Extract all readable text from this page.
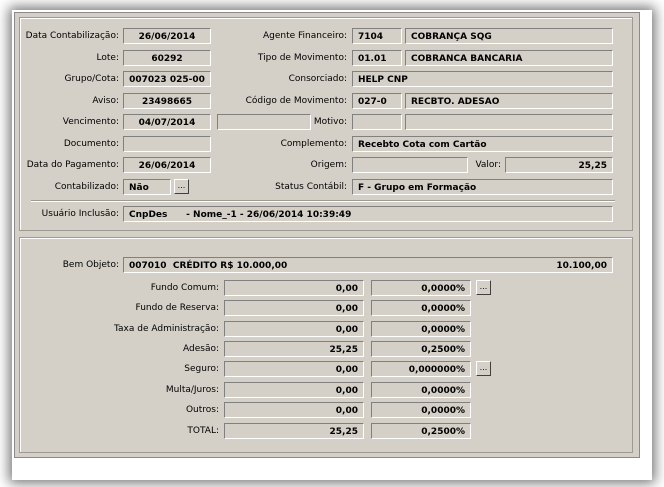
Data Contabilização:	26/06/2014
Lote:	60292
Grupo/Cota:	007023 025-00
Aviso:	23498665
Vencimento:	04/07/2014
Documento:
Data do Pagamento:	26/06/2014
Contabilizado:	Não	...
Agente Financeiro:	7104	COBRANÇA SQG
Tipo de Movimento:	01.01	COBRANCA BANCARIA
Consorciado:	HELP CNP
Código de Movimento:	027-0	RECBTO. ADESAO
Motivo:
Complemento:	Recebto Cota com Cartão
Origem:	Valor:	25,25
Status Contábil:	F - Grupo em Formação
Usuário Inclusão:	CnpDes      - Nome_-1 - 26/06/2014 10:39:49
Bem Objeto: 007010  CRÉDITO R$ 10.000,00	10.100,00
Fundo Comum:	0,00	0,0000%	...
Fundo de Reserva:	0,00	0,0000%
Taxa de Administração:	0,00	0,0000%
Adesão:	25,25	0,2500%
Seguro:	0,00	0,000000%	...
Multa/Juros:	0,00	0,0000%
Outros:	0,00	0,0000%
TOTAL:	25,25	0,2500%
